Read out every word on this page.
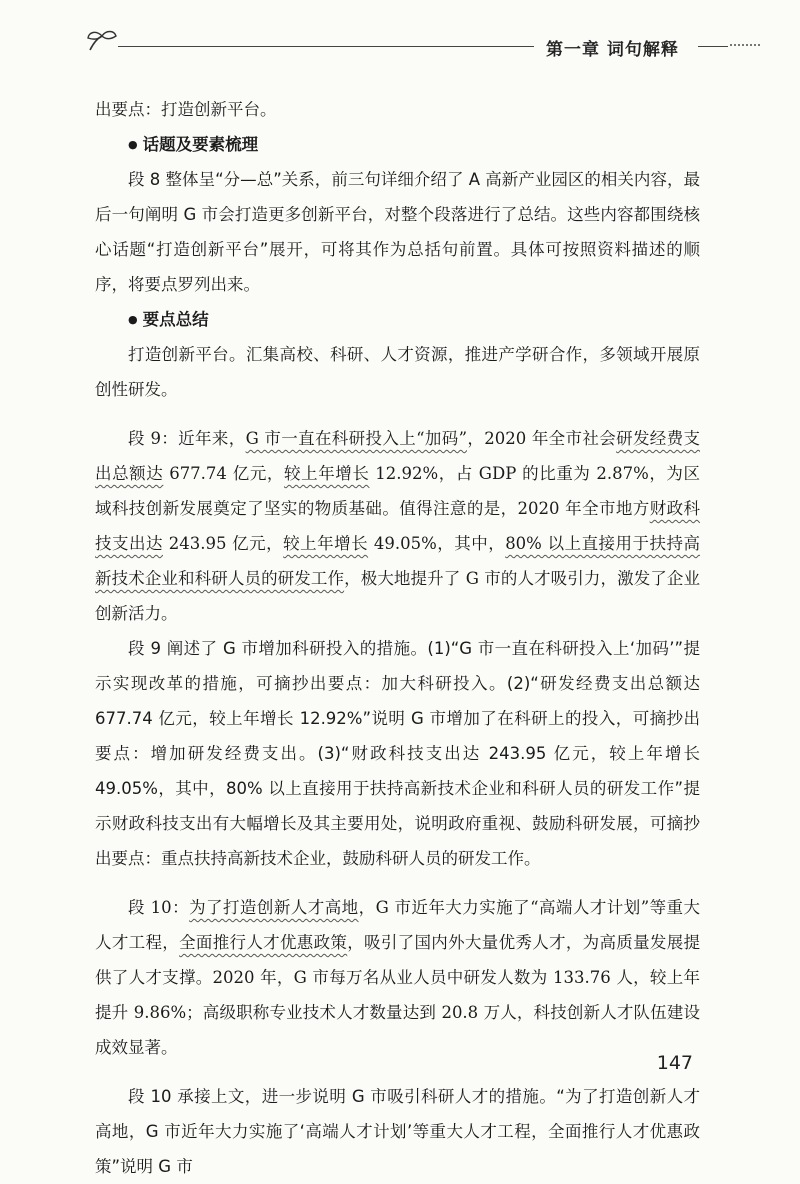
第一章 词句解释

出要点：打造创新平台。

● 话题及要素梳理

段 8 整体呈“分—总”关系，前三句详细介绍了 A 高新产业园区的相关内容，最后一句阐明 G 市会打造更多创新平台，对整个段落进行了总结。这些内容都围绕核心话题“打造创新平台”展开，可将其作为总括句前置。具体可按照资料描述的顺序，将要点罗列出来。

● 要点总结

打造创新平台。汇集高校、科研、人才资源，推进产学研合作，多领域开展原创性研发。

段 9：近年来，G 市一直在科研投入上“加码”，2020 年全市社会研发经费支出总额达 677.74 亿元，较上年增长 12.92%，占 GDP 的比重为 2.87%，为区域科技创新发展奠定了坚实的物质基础。值得注意的是，2020 年全市地方财政科技支出达 243.95 亿元，较上年增长 49.05%，其中，80% 以上直接用于扶持高新技术企业和科研人员的研发工作，极大地提升了 G 市的人才吸引力，激发了企业创新活力。

段 9 阐述了 G 市增加科研投入的措施。(1)“G 市一直在科研投入上‘加码’”提示实现改革的措施，可摘抄出要点：加大科研投入。(2)“研发经费支出总额达 677.74 亿元，较上年增长 12.92%”说明 G 市增加了在科研上的投入，可摘抄出要点：增加研发经费支出。(3)“财政科技支出达 243.95 亿元，较上年增长 49.05%，其中，80% 以上直接用于扶持高新技术企业和科研人员的研发工作”提示财政科技支出有大幅增长及其主要用处，说明政府重视、鼓励科研发展，可摘抄出要点：重点扶持高新技术企业，鼓励科研人员的研发工作。

段 10：为了打造创新人才高地，G 市近年大力实施了“高端人才计划”等重大人才工程，全面推行人才优惠政策，吸引了国内外大量优秀人才，为高质量发展提供了人才支撑。2020 年，G 市每万名从业人员中研发人数为 133.76 人，较上年提升 9.86%；高级职称专业技术人才数量达到 20.8 万人，科技创新人才队伍建设成效显著。

段 10 承接上文，进一步说明 G 市吸引科研人才的措施。“为了打造创新人才高地，G 市近年大力实施了‘高端人才计划’等重大人才工程，全面推行人才优惠政策”说明 G 市

147
